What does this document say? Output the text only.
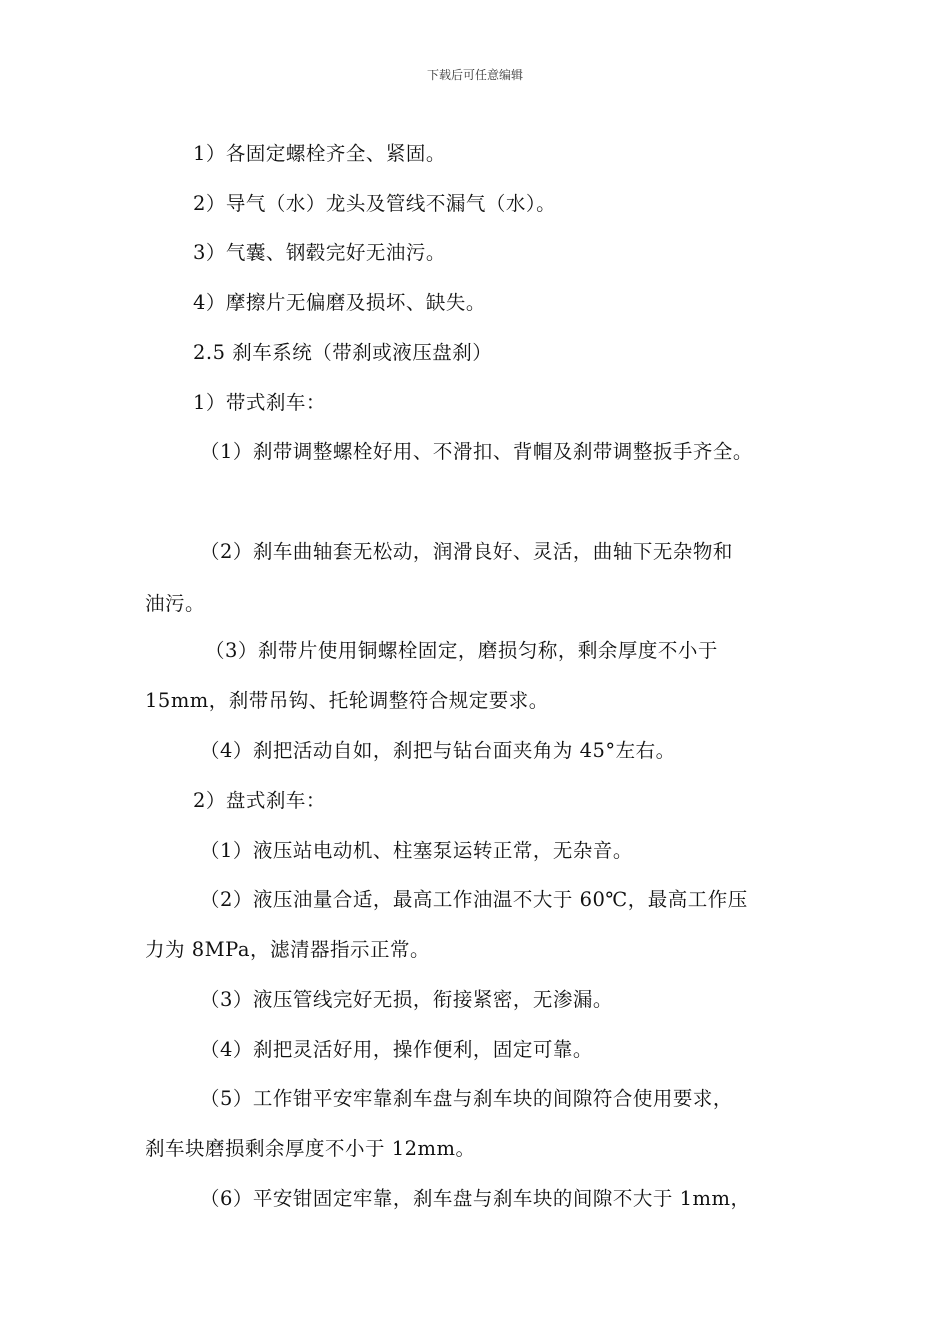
下载后可任意编辑
1）各固定螺栓齐全、紧固。
2）导气（水）龙头及管线不漏气（水）。
3）气囊、钢毂完好无油污。
4）摩擦片无偏磨及损坏、缺失。
2.5 刹车系统（带刹或液压盘刹）
1）带式刹车：
（1）刹带调整螺栓好用、不滑扣、背帽及刹带调整扳手齐全。
（2）刹车曲轴套无松动，润滑良好、灵活，曲轴下无杂物和
油污。
（3）刹带片使用铜螺栓固定，磨损匀称，剩余厚度不小于
15mm，刹带吊钩、托轮调整符合规定要求。
（4）刹把活动自如，刹把与钻台面夹角为 45°左右。
2）盘式刹车：
（1）液压站电动机、柱塞泵运转正常，无杂音。
（2）液压油量合适，最高工作油温不大于 60℃，最高工作压
力为 8MPa，滤清器指示正常。
（3）液压管线完好无损，衔接紧密，无渗漏。
（4）刹把灵活好用，操作便利，固定可靠。
（5）工作钳平安牢靠刹车盘与刹车块的间隙符合使用要求，
刹车块磨损剩余厚度不小于 12mm。
（6）平安钳固定牢靠，刹车盘与刹车块的间隙不大于 1mm，
